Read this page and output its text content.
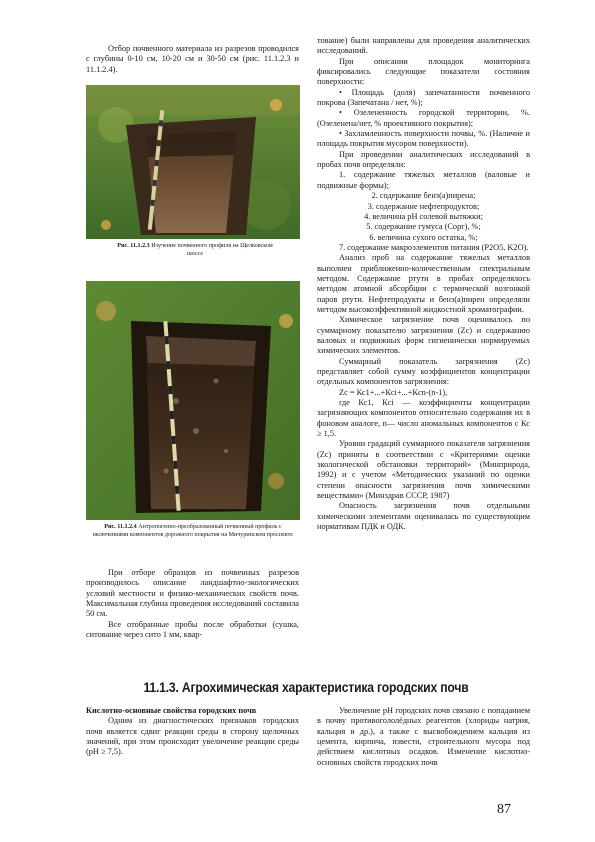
Отбор почвенного материала из разрезов проводился с глубины 0-10 см, 10-20 см и 30-50 см (рис. 11.1.2.3 и 11.1.2.4).

Рис. 11.1.2.3 Изучение почвенного профиля на Щелковском шоссе
Рис. 11.1.2.4 Антропогенно-преобразованный почвенный профиль с включениями компонентов дорожного покрытия на Мичуринском проспекте

При отборе образцов из почвенных разрезов производилось описание ландшафтно-экологических условий местности и физико-механических свойств почв. Максимальная глубина проведения исследований составила 50 см.

Все отобранные пробы после обработки (сушка, ситование через сито 1 мм, квар-

тование) были направлены для проведения аналитических исследований.

При описании площадок мониторинга фиксировались следующие показатели состояния поверхности:

• Площадь (доля) запечатанности почвенного покрова (Запечатана / нет, %);

• Озелененность городской территории, %. (Озеленена/нет, % проективного покрытия);

• Захламленность поверхности почвы, %. (Наличие и площадь покрытия мусором поверхности).

При проведении аналитических исследований в пробах почв определяли:

1. содержание тяжелых металлов (валовые и подвижные формы);

2. содержание бенз(а)пирена;

3. содержание нефтепродуктов;

4. величина рН солевой вытяжки;

5. содержание гумуса (Сорг), %;

6. величина сухого остатка, %;

7. содержание макроэлементов питания (P2O5, K2O).

Анализ проб на содержание тяжелых металлов выполнен приближенно-количественным спектральным методом. Содержание ртути в пробах определялось методом атомной абсорбции с термической возгонкой паров ртути. Нефтепродукты и бенз(а)пирен определяли методом высокоэффективной жидкостной хроматографии.

Химическое загрязнение почв оценивалось по суммарному показателю загрязнения (Zс) и содержанию валовых и подвижных форм гигиенически нормируемых химических элементов.

Суммарный показатель загрязнения (Zс) представляет собой сумму коэффициентов концентрации отдельных компонентов загрязнения:

Zс = Кс1+...+Кci+...+Кcn-(n-1),

где Кс1, Кci — коэффициенты концентрации загрязняющих компонентов относительно содержания их в фоновом аналоге, n— число аномальных компонентов с Кс ≥ 1,5.

Уровни градаций суммарного показателя загрязнения (Zс) приняты в соответствии с «Критериями оценки экологической обстановки территорий» (Минприрода, 1992) и с учетом «Методических указаний по оценки степени опасности загрязнения почв химическими веществами» (Минздрав СССР, 1987)

Опасность загрязнения почв отдельными химическими элементами оценивалась по существующим нормативам ПДК и ОДК.

11.1.3. Агрохимическая характеристика городских почв

Кислотно-основные свойства городских почв

Одним из диагностических признаков городских почв является сдвиг реакции среды в сторону щелочных значений, при этом происходит увеличение реакции среды (рН ≥ 7,5).

Увеличение рН городских почв связано с попаданием в почву противогололёдных реагентов (хлориды натрия, кальция и др.), а также с высвобождением кальция из цемента, кирпича, извести, строительного мусора под действием кислотных осадков. Изменение кислотно-основных свойств городских почв

87
